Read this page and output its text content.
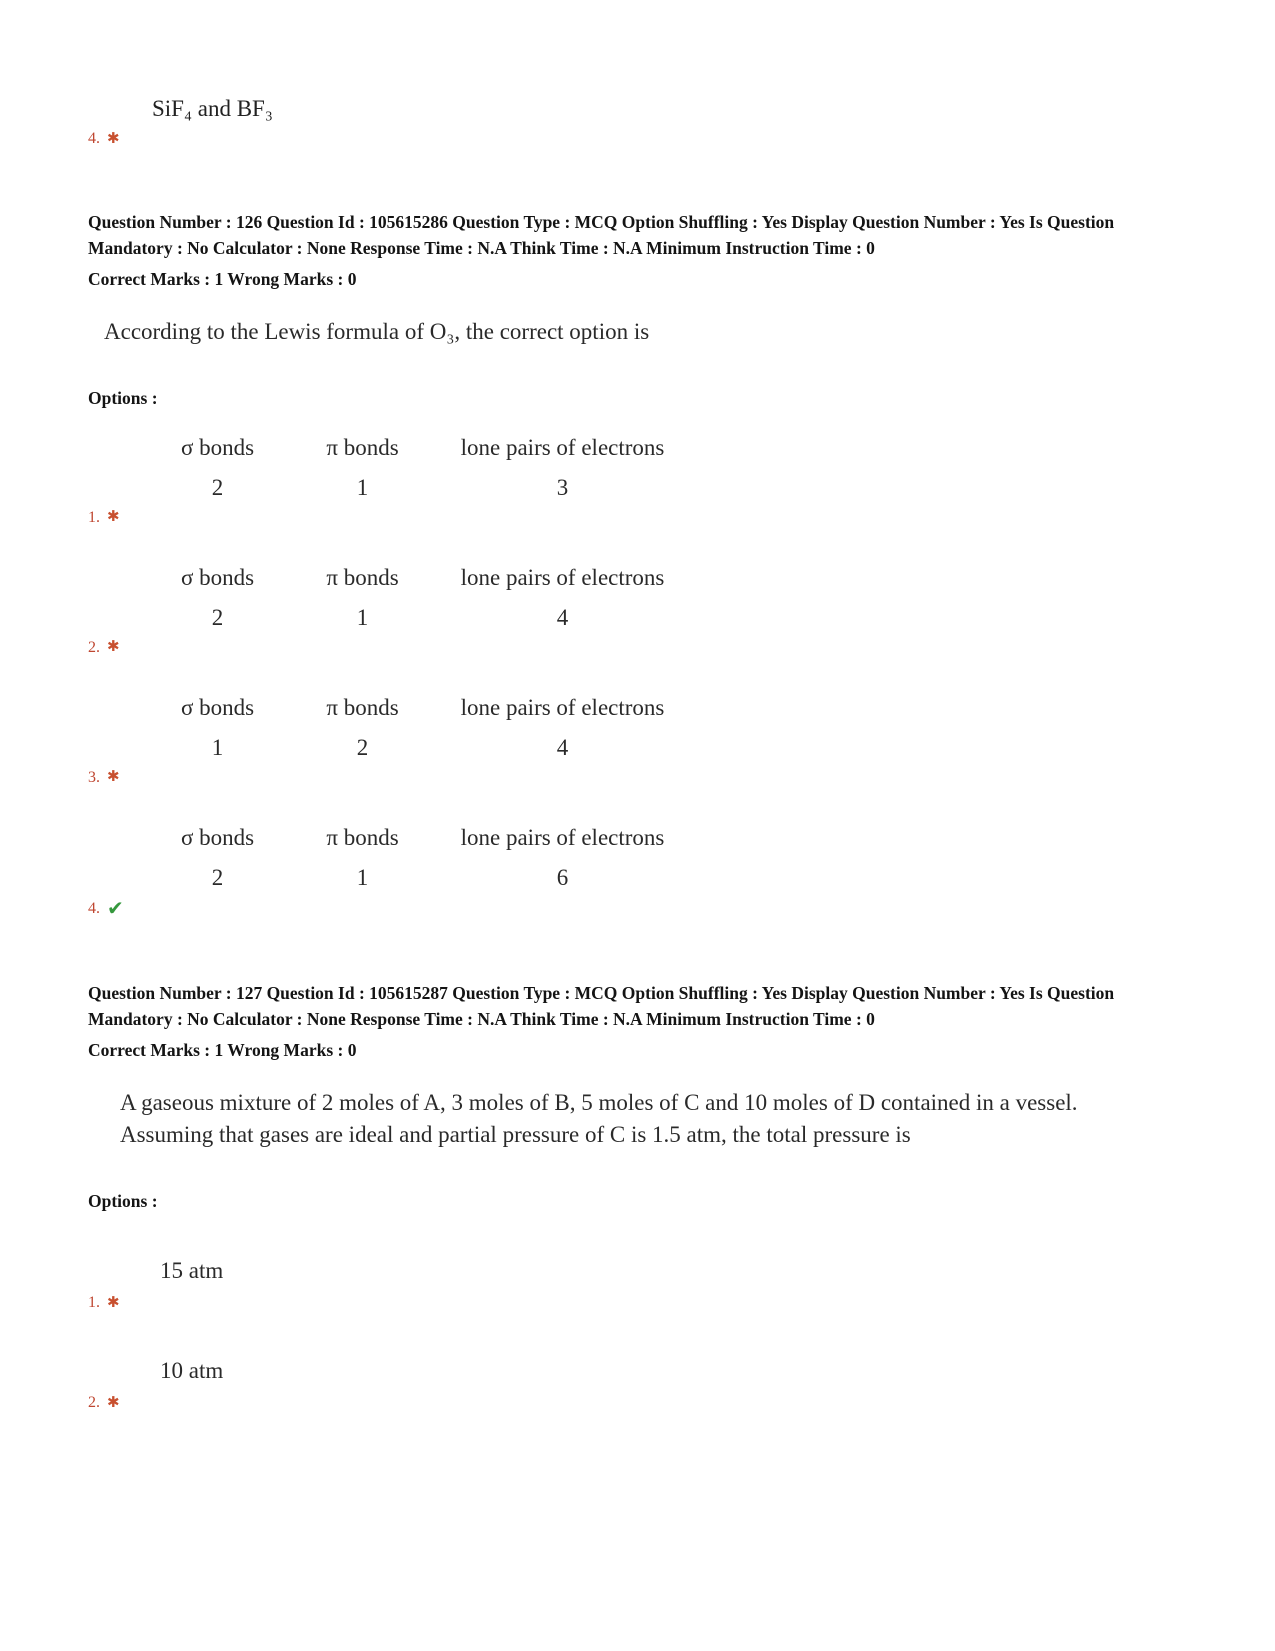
SiF₄ and BF₃
4. ✱

Question Number : 126 Question Id : 105615286 Question Type : MCQ Option Shuffling : Yes Display Question Number : Yes Is Question Mandatory : No Calculator : None Response Time : N.A Think Time : N.A Minimum Instruction Time : 0

Correct Marks : 1 Wrong Marks : 0

According to the Lewis formula of O₃, the correct option is

Options :

σ bonds	π bonds	lone pairs of electrons
2	1	3
1. ✱
σ bonds	π bonds	lone pairs of electrons
2	1	4
2. ✱
σ bonds	π bonds	lone pairs of electrons
1	2	4
3. ✱
σ bonds	π bonds	lone pairs of electrons
2	1	6
4. ✔

Question Number : 127 Question Id : 105615287 Question Type : MCQ Option Shuffling : Yes Display Question Number : Yes Is Question Mandatory : No Calculator : None Response Time : N.A Think Time : N.A Minimum Instruction Time : 0

Correct Marks : 1 Wrong Marks : 0

A gaseous mixture of 2 moles of A, 3 moles of B, 5 moles of C and 10 moles of D contained in a vessel. Assuming that gases are ideal and partial pressure of C is 1.5 atm, the total pressure is

Options :

15 atm
1. ✱
10 atm
2. ✱
